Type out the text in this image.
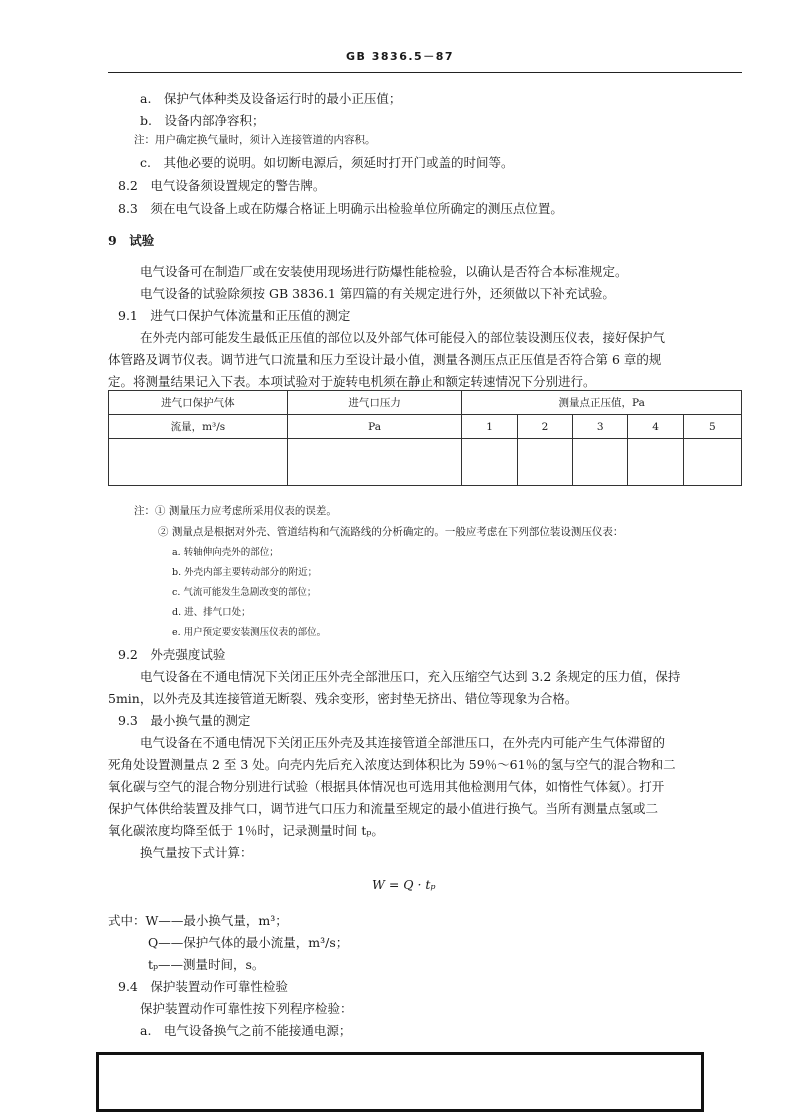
GB 3836.5－87
a.　保护气体种类及设备运行时的最小正压值；
b.　设备内部净容积；
注：用户确定换气量时，须计入连接管道的内容积。
c.　其他必要的说明。如切断电源后，须延时打开门或盖的时间等。
8.2　电气设备须设置规定的警告牌。
8.3　须在电气设备上或在防爆合格证上明确示出检验单位所确定的测压点位置。
9　试验
电气设备可在制造厂或在安装使用现场进行防爆性能检验，以确认是否符合本标准规定。
电气设备的试验除须按 GB 3836.1 第四篇的有关规定进行外，还须做以下补充试验。
9.1　进气口保护气体流量和正压值的测定
在外壳内部可能发生最低正压值的部位以及外部气体可能侵入的部位装设测压仪表，接好保护气
体管路及调节仪表。调节进气口流量和压力至设计最小值，测量各测压点正压值是否符合第 6 章的规
定。将测量结果记入下表。本项试验对于旋转电机须在静止和额定转速情况下分别进行。
注：① 测量压力应考虑所采用仪表的误差。
② 测量点是根据对外壳、管道结构和气流路线的分析确定的。一般应考虑在下列部位装设测压仪表：
a. 转轴伸向壳外的部位；
b. 外壳内部主要转动部分的附近；
c. 气流可能发生急剧改变的部位；
d. 进、排气口处；
e. 用户预定要安装测压仪表的部位。
9.2　外壳强度试验
电气设备在不通电情况下关闭正压外壳全部泄压口，充入压缩空气达到 3.2 条规定的压力值，保持
5min，以外壳及其连接管道无断裂、残余变形，密封垫无挤出、错位等现象为合格。
9.3　最小换气量的测定
电气设备在不通电情况下关闭正压外壳及其连接管道全部泄压口，在外壳内可能产生气体滞留的
死角处设置测量点 2 至 3 处。向壳内先后充入浓度达到体积比为 59％～61％的氢与空气的混合物和二
氧化碳与空气的混合物分别进行试验（根据具体情况也可选用其他检测用气体，如惰性气体氦）。打开
保护气体供给装置及排气口，调节进气口压力和流量至规定的最小值进行换气。当所有测量点氢或二
氧化碳浓度均降至低于 1％时，记录测量时间 tₚ。
换气量按下式计算：
W = Q · tₚ
式中：W——最小换气量，m³；
Q——保护气体的最小流量，m³/s；
tₚ——测量时间，s。
9.4　保护装置动作可靠性检验
保护装置动作可靠性按下列程序检验：
a.　电气设备换气之前不能接通电源；
进气口保护气体	进气口压力	测量点正压值，Pa				
流量，m³/s	Pa	1	2	3	4	5
